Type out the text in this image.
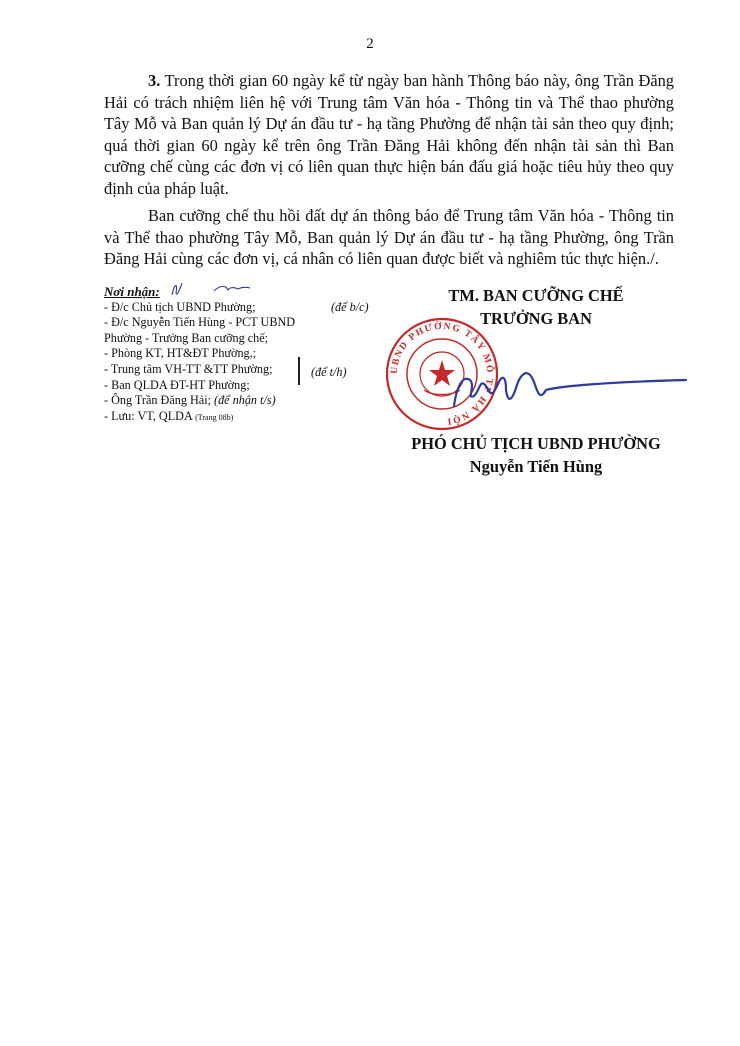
2

3. Trong thời gian 60 ngày kể từ ngày ban hành Thông báo này, ông Trần Đăng Hải có trách nhiệm liên hệ với Trung tâm Văn hóa - Thông tin và Thể thao phường Tây Mỗ và Ban quản lý Dự án đầu tư - hạ tầng Phường để nhận tài sản theo quy định; quá thời gian 60 ngày kể trên ông Trần Đăng Hải không đến nhận tài sản thì Ban cưỡng chế cùng các đơn vị có liên quan thực hiện bán đấu giá hoặc tiêu hủy theo quy định của pháp luật.

Ban cưỡng chế thu hồi đất dự án thông báo để Trung tâm Văn hóa - Thông tin và Thể thao phường Tây Mỗ, Ban quản lý Dự án đầu tư - hạ tầng Phường, ông Trần Đăng Hải cùng các đơn vị, cá nhân có liên quan được biết và nghiêm túc thực hiện./.

Nơi nhận:
- Đ/c Chủ tịch UBND Phường;
- Đ/c Nguyễn Tiến Hùng - PCT UBND
Phường - Trưởng Ban cưỡng chế;
- Phòng KT, HT&ĐT Phường,;
- Trung tâm VH-TT &TT Phường;
- Ban QLDA ĐT-HT Phường;
- Ông Trần Đăng Hải; (để nhận t/s)
- Lưu: VT, QLDA (Trang 08b)
(để b/c)
(để t/h)
TM. BAN CƯỠNG CHẾ
TRƯỞNG BAN
UBND PHƯỜNG TÂY MỖ TP HÀ NỘI
PHÓ CHỦ TỊCH UBND PHƯỜNG
Nguyễn Tiến Hùng
